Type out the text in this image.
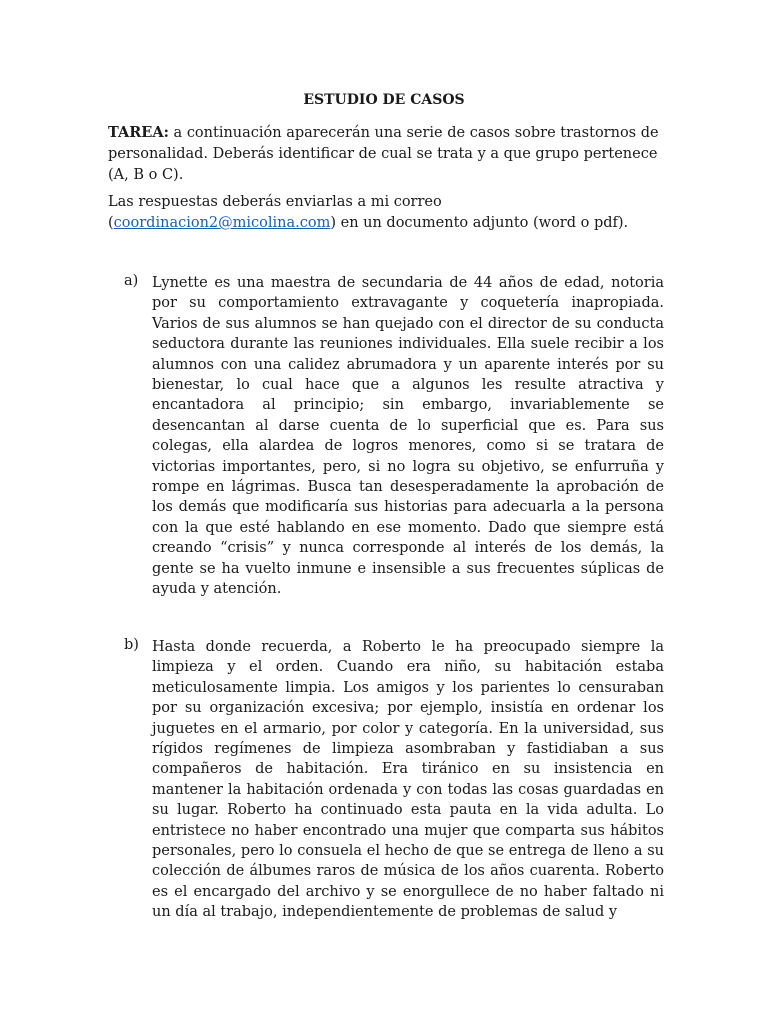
ESTUDIO DE CASOS
TAREA: a continuación aparecerán una serie de casos sobre trastornos de personalidad. Deberás identificar de cual se trata y a que grupo pertenece (A, B o C).
Las respuestas deberás enviarlas a mi correo (coordinacion2@micolina.com) en un documento adjunto (word o pdf).
a) Lynette es una maestra de secundaria de 44 años de edad, notoria por su comportamiento extravagante y coquetería inapropiada. Varios de sus alumnos se han quejado con el director de su conducta seductora durante las reuniones individuales. Ella suele recibir a los alumnos con una calidez abrumadora y un aparente interés por su bienestar, lo cual hace que a algunos les resulte atractiva y encantadora al principio; sin embargo, invariablemente se desencantan al darse cuenta de lo superficial que es. Para sus colegas, ella alardea de logros menores, como si se tratara de victorias importantes, pero, si no logra su objetivo, se enfurruña y rompe en lágrimas. Busca tan desesperadamente la aprobación de los demás que modificaría sus historias para adecuarla a la persona con la que esté hablando en ese momento. Dado que siempre está creando “crisis” y nunca corresponde al interés de los demás, la gente se ha vuelto inmune e insensible a sus frecuentes súplicas de ayuda y atención.
b) Hasta donde recuerda, a Roberto le ha preocupado siempre la limpieza y el orden. Cuando era niño, su habitación estaba meticulosamente limpia. Los amigos y los parientes lo censuraban por su organización excesiva; por ejemplo, insistía en ordenar los juguetes en el armario, por color y categoría. En la universidad, sus rígidos regímenes de limpieza asombraban y fastidiaban a sus compañeros de habitación. Era tiránico en su insistencia en mantener la habitación ordenada y con todas las cosas guardadas en su lugar. Roberto ha continuado esta pauta en la vida adulta. Lo entristece no haber encontrado una mujer que comparta sus hábitos personales, pero lo consuela el hecho de que se entrega de lleno a su colección de álbumes raros de música de los años cuarenta. Roberto es el encargado del archivo y se enorgullece de no haber faltado ni un día al trabajo, independientemente de problemas de salud y
